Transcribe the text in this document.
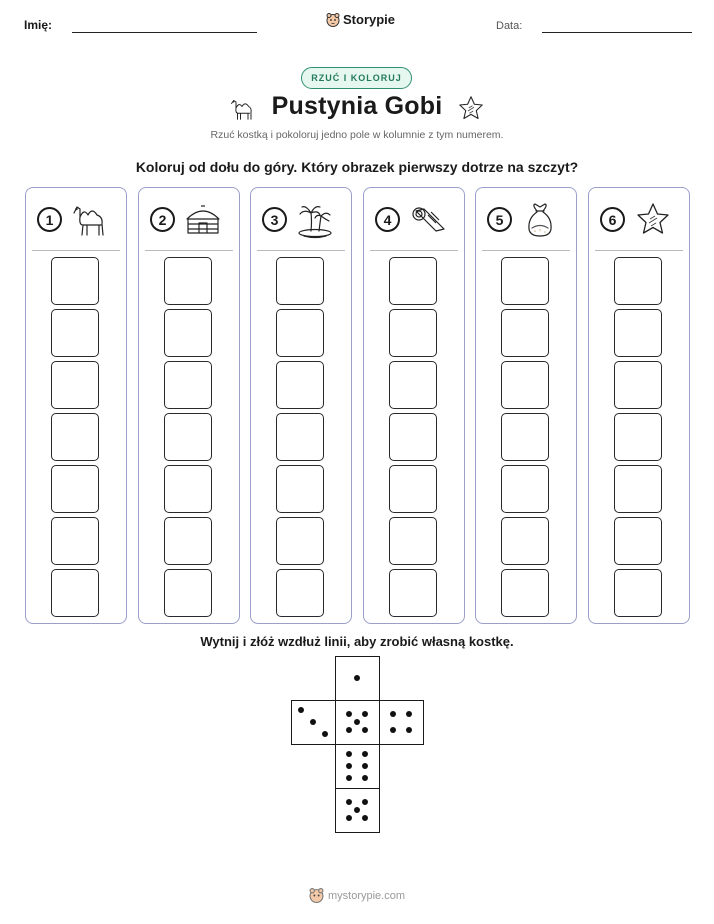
Imię:	Storypie	Data:
RZUĆ I KOLORUJ
Pustynia Gobi
Rzuć kostką i pokoloruj jedno pole w kolumnie z tym numerem.
Koloruj od dołu do góry. Który obrazek pierwszy dotrze na szczyt?
1	2	3	4	5	6
Wytnij i złóż wzdłuż linii, aby zrobić własną kostkę.
mystorypie.com
